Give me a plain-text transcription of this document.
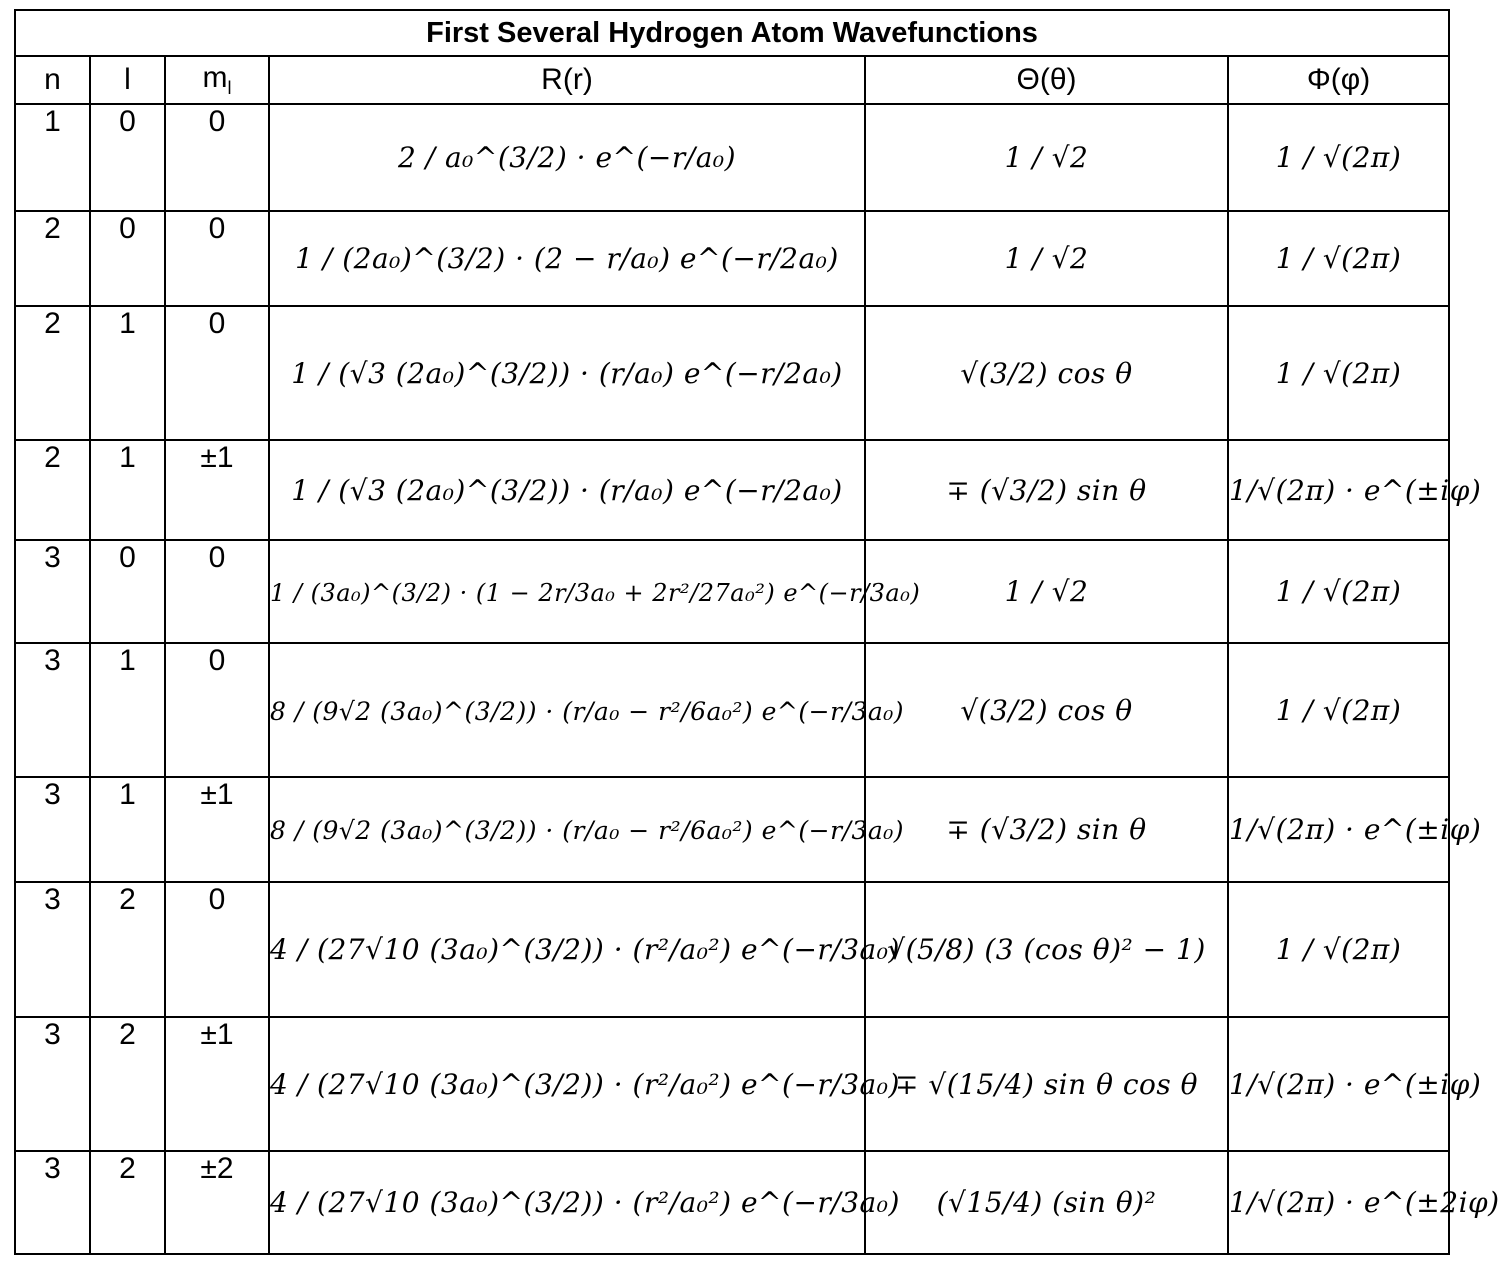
First Several Hydrogen Atom Wavefunctions					
n	l	$m_l$	R(r)	Θ(θ)	Φ(φ)
1	0	0	2 / a₀^(3/2) · e^(−r/a₀)	1 / √2	1 / √(2π)
2	0	0	1 / (2a₀)^(3/2) · (2 − r/a₀) e^(−r/2a₀)	1 / √2	1 / √(2π)
2	1	0	1 / (√3 (2a₀)^(3/2)) · (r/a₀) e^(−r/2a₀)	√(3/2) cos θ	1 / √(2π)
2	1	±1	1 / (√3 (2a₀)^(3/2)) · (r/a₀) e^(−r/2a₀)	∓ (√3/2) sin θ	1/√(2π) · e^(±iφ)
3	0	0	1 / (3a₀)^(3/2) · (1 − 2r/3a₀ + 2r²/27a₀²) e^(−r/3a₀)	1 / √2	1 / √(2π)
3	1	0	8 / (9√2 (3a₀)^(3/2)) · (r/a₀ − r²/6a₀²) e^(−r/3a₀)	√(3/2) cos θ	1 / √(2π)
3	1	±1	8 / (9√2 (3a₀)^(3/2)) · (r/a₀ − r²/6a₀²) e^(−r/3a₀)	∓ (√3/2) sin θ	1/√(2π) · e^(±iφ)
3	2	0	4 / (27√10 (3a₀)^(3/2)) · (r²/a₀²) e^(−r/3a₀)	√(5/8) (3 (cos θ)² − 1)	1 / √(2π)
3	2	±1	4 / (27√10 (3a₀)^(3/2)) · (r²/a₀²) e^(−r/3a₀)	∓ √(15/4) sin θ cos θ	1/√(2π) · e^(±iφ)
3	2	±2	4 / (27√10 (3a₀)^(3/2)) · (r²/a₀²) e^(−r/3a₀)	(√15/4) (sin θ)²	1/√(2π) · e^(±2iφ)
